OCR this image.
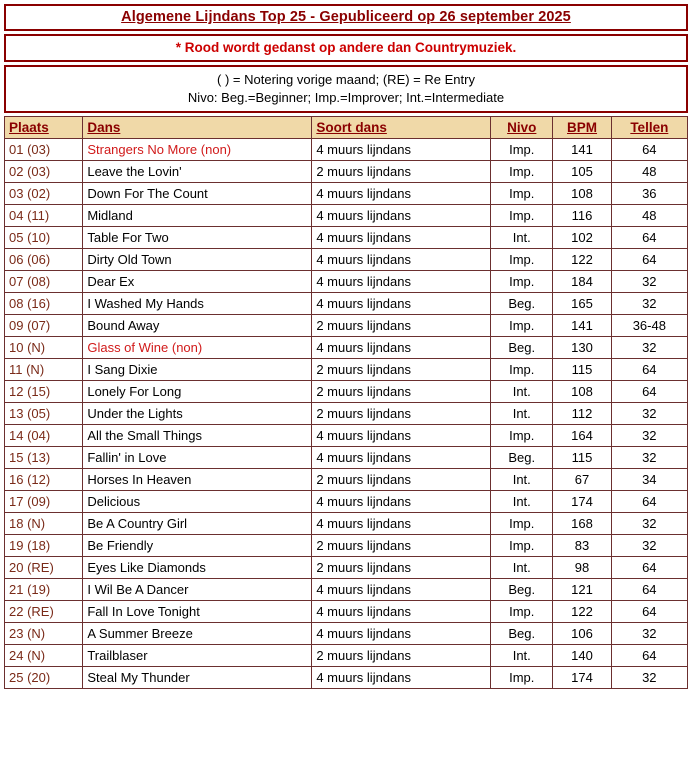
Algemene Lijndans Top 25 - Gepubliceerd op 26 september 2025
* Rood wordt gedanst op andere dan Countrymuziek.
( ) = Notering vorige maand; (RE) = Re Entry
Nivo: Beg.=Beginner; Imp.=Improver; Int.=Intermediate
Plaats	Dans	Soort dans	Nivo	BPM	Tellen
01 (03)	Strangers No More (non)	4 muurs lijndans	Imp.	141	64
02 (03)	Leave the Lovin'	2 muurs lijndans	Imp.	105	48
03 (02)	Down For The Count	4 muurs lijndans	Imp.	108	36
04 (11)	Midland	4 muurs lijndans	Imp.	116	48
05 (10)	Table For Two	4 muurs lijndans	Int.	102	64
06 (06)	Dirty Old Town	4 muurs lijndans	Imp.	122	64
07 (08)	Dear Ex	4 muurs lijndans	Imp.	184	32
08 (16)	I Washed My Hands	4 muurs lijndans	Beg.	165	32
09 (07)	Bound Away	2 muurs lijndans	Imp.	141	36-48
10 (N)	Glass of Wine (non)	4 muurs lijndans	Beg.	130	32
11 (N)	I Sang Dixie	2 muurs lijndans	Imp.	115	64
12 (15)	Lonely For Long	2 muurs lijndans	Int.	108	64
13 (05)	Under the Lights	2 muurs lijndans	Int.	112	32
14 (04)	All the Small Things	4 muurs lijndans	Imp.	164	32
15 (13)	Fallin' in Love	4 muurs lijndans	Beg.	115	32
16 (12)	Horses In Heaven	2 muurs lijndans	Int.	67	34
17 (09)	Delicious	4 muurs lijndans	Int.	174	64
18 (N)	Be A Country Girl	4 muurs lijndans	Imp.	168	32
19 (18)	Be Friendly	2 muurs lijndans	Imp.	83	32
20 (RE)	Eyes Like Diamonds	2 muurs lijndans	Int.	98	64
21 (19)	I Wil Be A Dancer	4 muurs lijndans	Beg.	121	64
22 (RE)	Fall In Love Tonight	4 muurs lijndans	Imp.	122	64
23 (N)	A Summer Breeze	4 muurs lijndans	Beg.	106	32
24 (N)	Trailblaser	2 muurs lijndans	Int.	140	64
25 (20)	Steal My Thunder	4 muurs lijndans	Imp.	174	32
